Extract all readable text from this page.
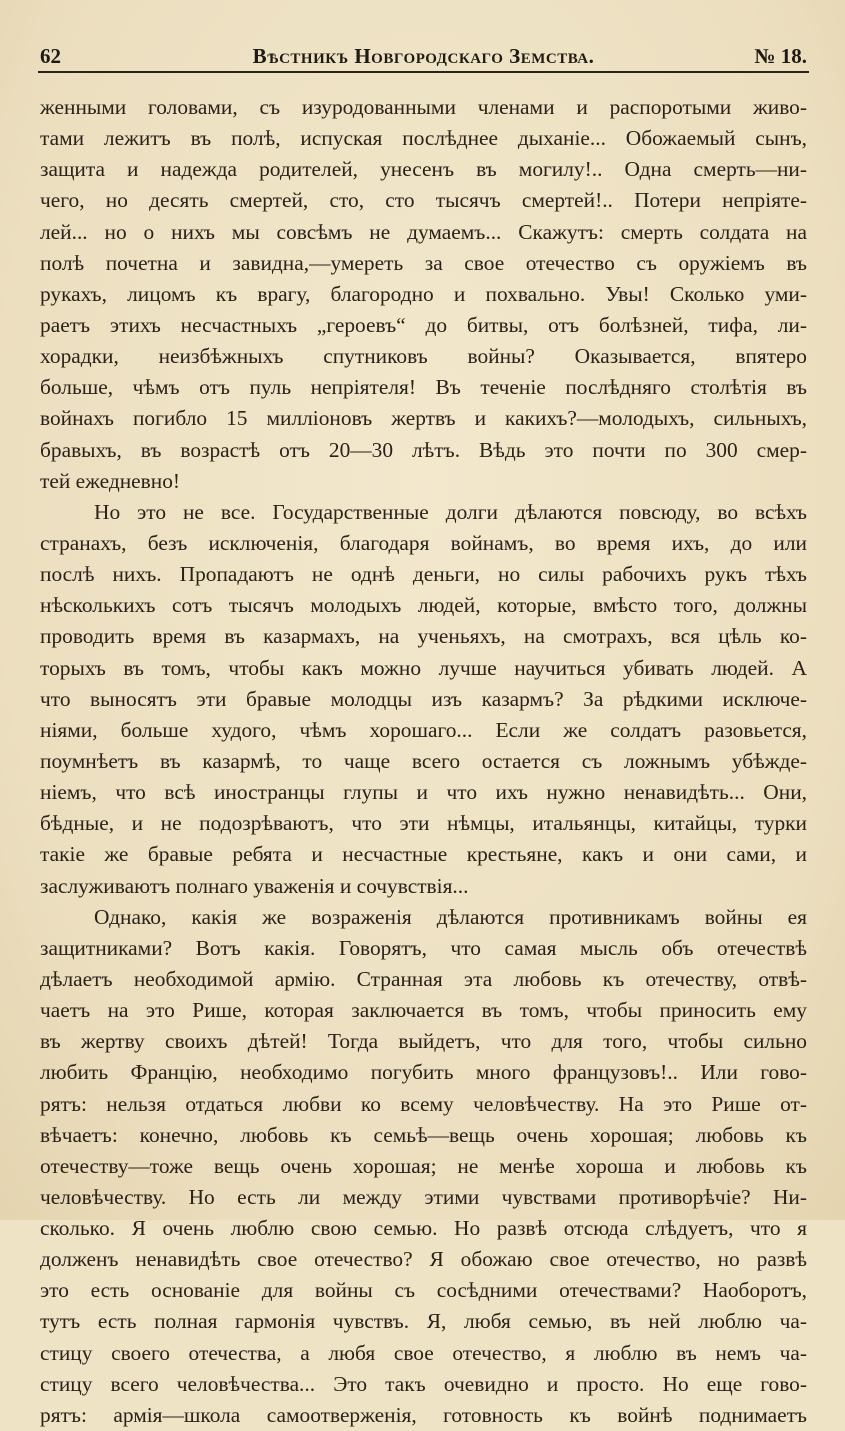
62	Вѣстникъ Новгородскаго Земства.	№ 18.
женными головами, съ изуродованными членами и распоротыми живо-
тами лежитъ въ полѣ, испуская послѣднее дыханіе... Обожаемый сынъ,
защита и надежда родителей, унесенъ въ могилу!.. Одна смерть—ни-
чего, но десять смертей, сто, сто тысячъ смертей!.. Потери непріяте-
лей... но о нихъ мы совсѣмъ не думаемъ... Скажутъ: смерть солдата на
полѣ почетна и завидна,—умереть за свое отечество съ оружіемъ въ
рукахъ, лицомъ къ врагу, благородно и похвально. Увы! Сколько уми-
раетъ этихъ несчастныхъ „героевъ“ до битвы, отъ болѣзней, тифа, ли-
хорадки, неизбѣжныхъ спутниковъ войны? Оказывается, впятеро
больше, чѣмъ отъ пуль непріятеля! Въ теченіе послѣдняго столѣтія въ
войнахъ погибло 15 милліоновъ жертвъ и какихъ?—молодыхъ, сильныхъ,
бравыхъ, въ возрастѣ отъ 20—30 лѣтъ. Вѣдь это почти по 300 смер-
тей ежедневно!
Но это не все. Государственные долги дѣлаются повсюду, во всѣхъ
странахъ, безъ исключенія, благодаря войнамъ, во время ихъ, до или
послѣ нихъ. Пропадаютъ не однѣ деньги, но силы рабочихъ рукъ тѣхъ
нѣсколькихъ сотъ тысячъ молодыхъ людей, которые, вмѣсто того, должны
проводить время въ казармахъ, на ученьяхъ, на смотрахъ, вся цѣль ко-
торыхъ въ томъ, чтобы какъ можно лучше научиться убивать людей. А
что выносятъ эти бравые молодцы изъ казармъ? За рѣдкими исключе-
ніями, больше худого, чѣмъ хорошаго... Если же солдатъ разовьется,
поумнѣетъ въ казармѣ, то чаще всего остается съ ложнымъ убѣжде-
ніемъ, что всѣ иностранцы глупы и что ихъ нужно ненавидѣть... Они,
бѣдные, и не подозрѣваютъ, что эти нѣмцы, итальянцы, китайцы, турки
такіе же бравые ребята и несчастные крестьяне, какъ и они сами, и
заслуживаютъ полнаго уваженія и сочувствія...
Однако, какія же возраженія дѣлаются противникамъ войны ея
защитниками? Вотъ какія. Говорятъ, что самая мысль объ отечествѣ
дѣлаетъ необходимой армію. Странная эта любовь къ отечеству, отвѣ-
чаетъ на это Рише, которая заключается въ томъ, чтобы приносить ему
въ жертву своихъ дѣтей! Тогда выйдетъ, что для того, чтобы сильно
любить Францію, необходимо погубить много французовъ!.. Или гово-
рятъ: нельзя отдаться любви ко всему человѣчеству. На это Рише от-
вѣчаетъ: конечно, любовь къ семьѣ—вещь очень хорошая; любовь къ
отечеству—тоже вещь очень хорошая; не менѣе хороша и любовь къ
человѣчеству. Но есть ли между этими чувствами противорѣчіе? Ни-
сколько. Я очень люблю свою семью. Но развѣ отсюда слѣдуетъ, что я
долженъ ненавидѣть свое отечество? Я обожаю свое отечество, но развѣ
это есть основаніе для войны съ сосѣдними отечествами? Наоборотъ,
тутъ есть полная гармонія чувствъ. Я, любя семью, въ ней люблю ча-
стицу своего отечества, а любя свое отечество, я люблю въ немъ ча-
стицу всего человѣчества... Это такъ очевидно и просто. Но еще гово-
рятъ: армія—школа самоотверженія, готовность къ войнѣ поднимаетъ
